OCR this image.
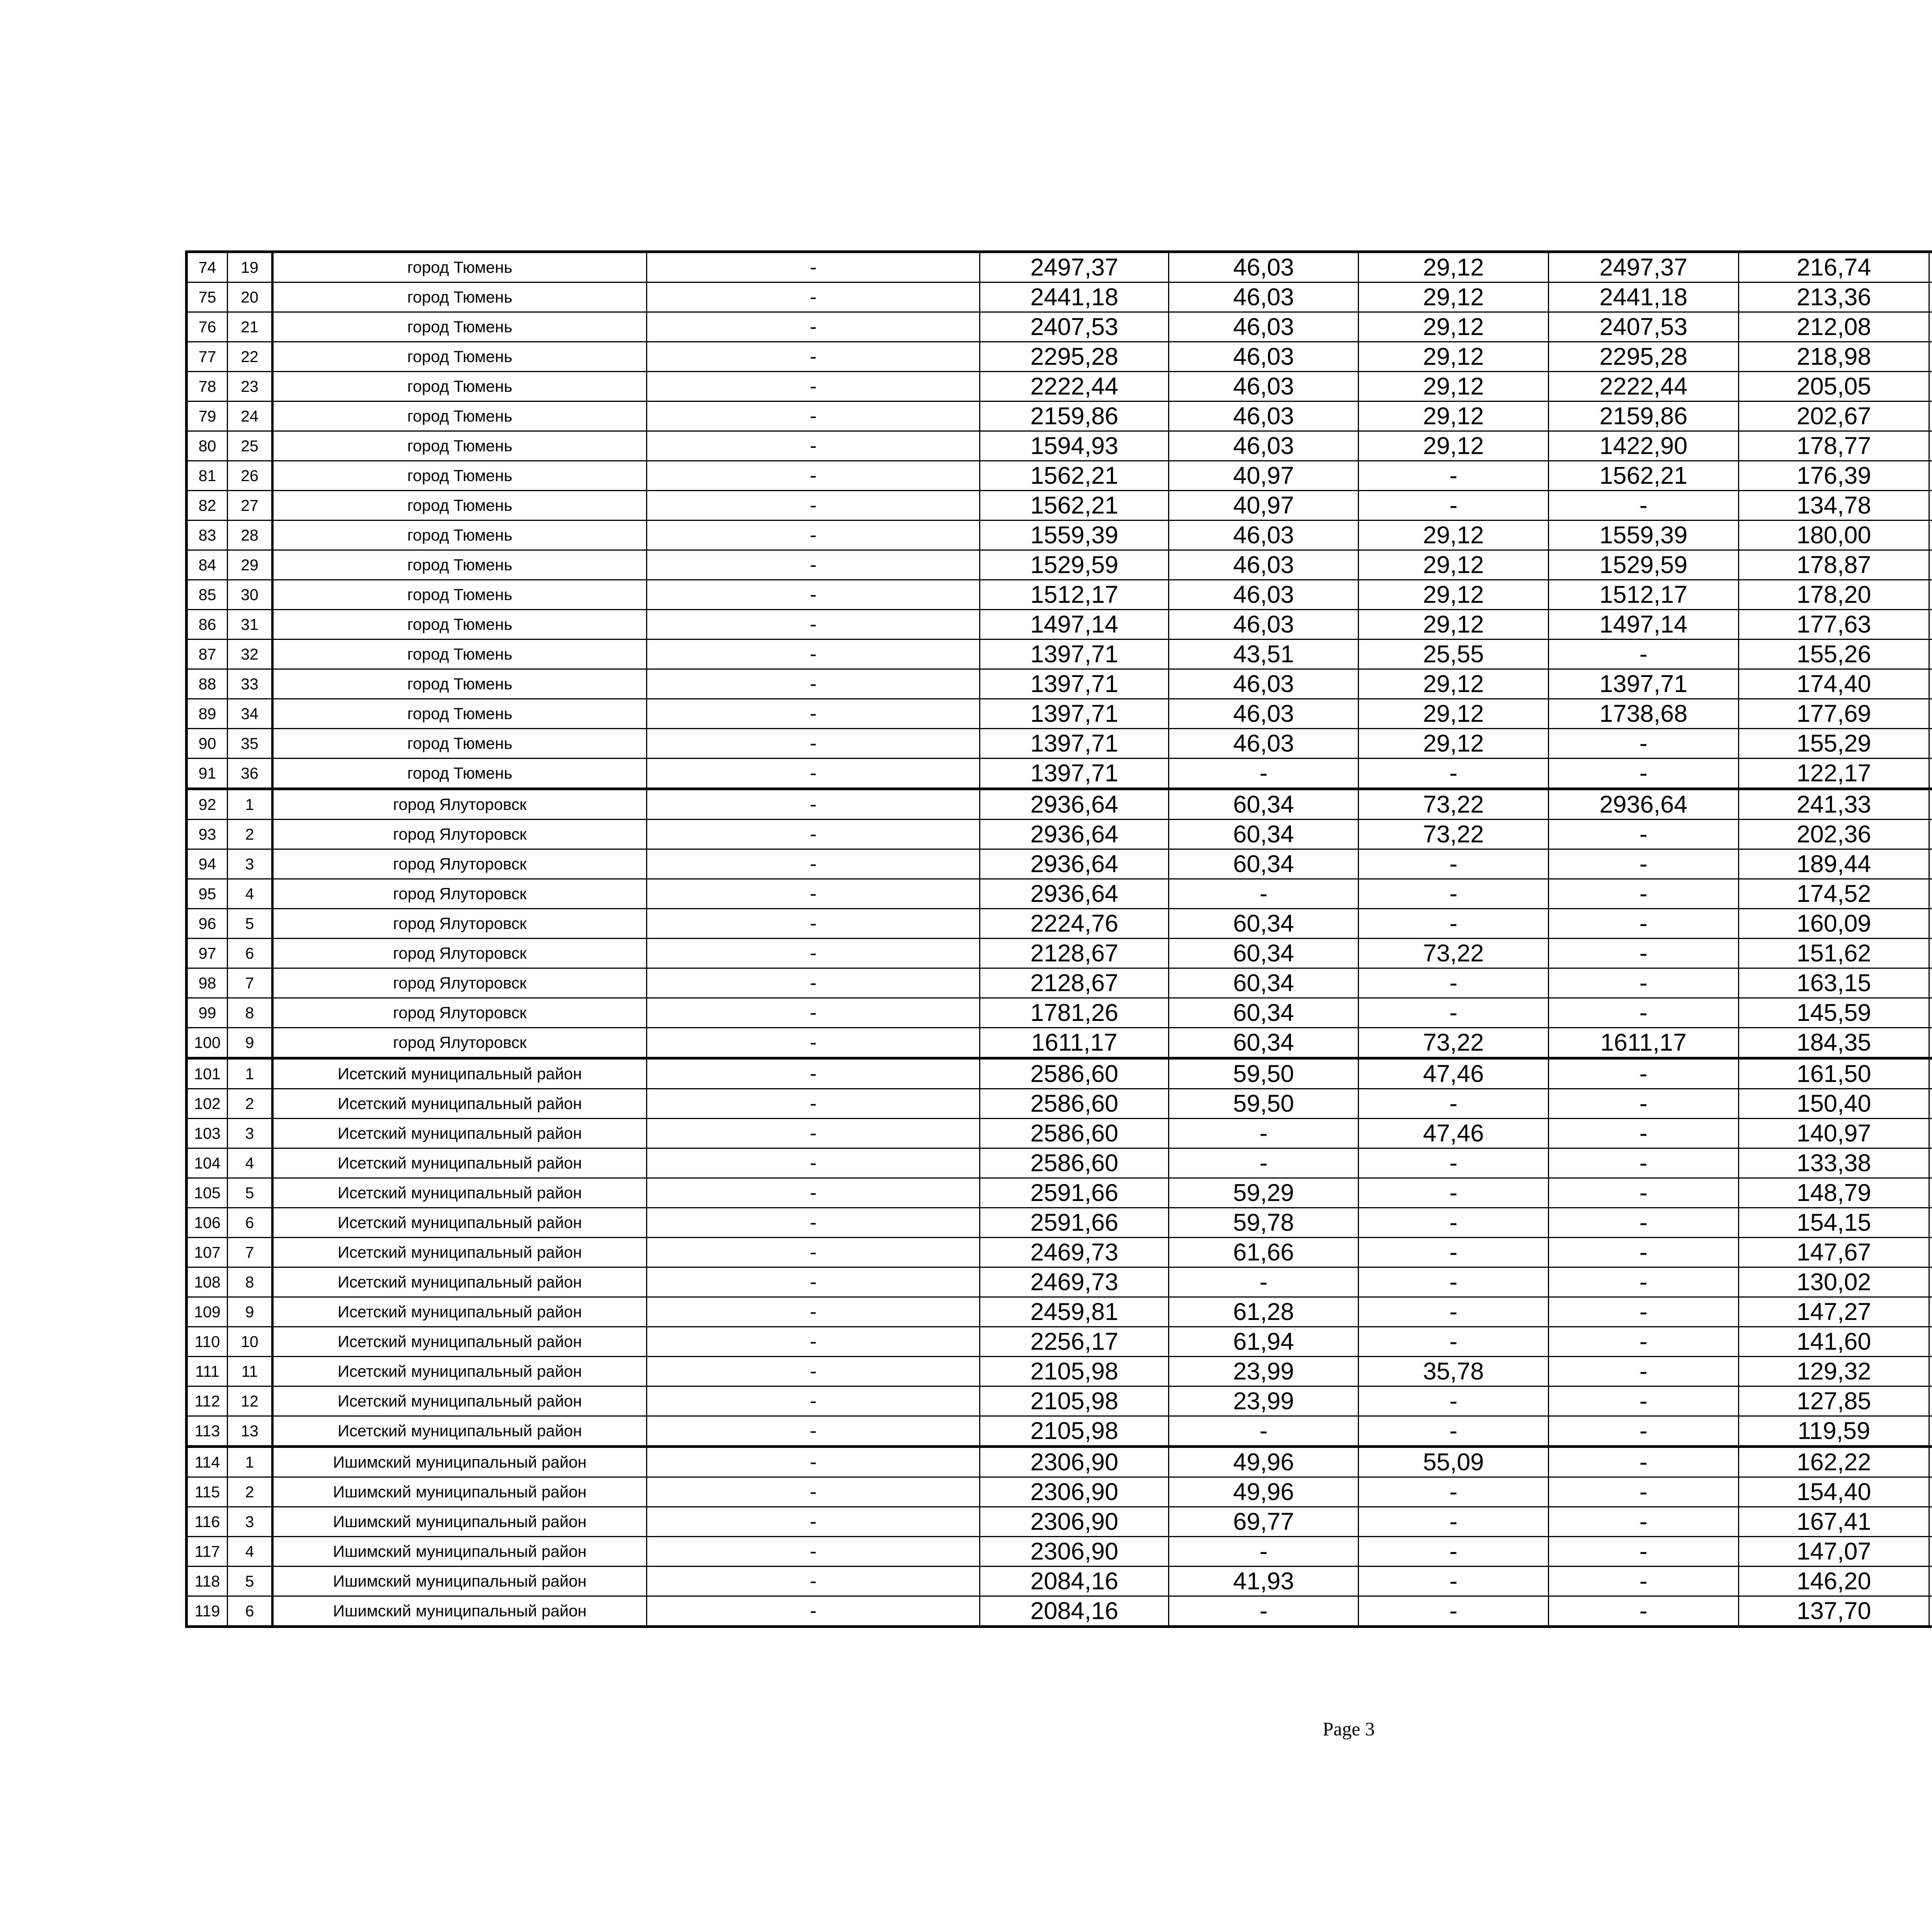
74	19	город Тюмень	-	2497,37	46,03	29,12	2497,37	216,74			
75	20	город Тюмень	-	2441,18	46,03	29,12	2441,18	213,36			
76	21	город Тюмень	-	2407,53	46,03	29,12	2407,53	212,08			
77	22	город Тюмень	-	2295,28	46,03	29,12	2295,28	218,98			
78	23	город Тюмень	-	2222,44	46,03	29,12	2222,44	205,05			
79	24	город Тюмень	-	2159,86	46,03	29,12	2159,86	202,67			
80	25	город Тюмень	-	1594,93	46,03	29,12	1422,90	178,77			
81	26	город Тюмень	-	1562,21	40,97	-	1562,21	176,39			
82	27	город Тюмень	-	1562,21	40,97	-	-	134,78			
83	28	город Тюмень	-	1559,39	46,03	29,12	1559,39	180,00			
84	29	город Тюмень	-	1529,59	46,03	29,12	1529,59	178,87			
85	30	город Тюмень	-	1512,17	46,03	29,12	1512,17	178,20			
86	31	город Тюмень	-	1497,14	46,03	29,12	1497,14	177,63			
87	32	город Тюмень	-	1397,71	43,51	25,55	-	155,26			
88	33	город Тюмень	-	1397,71	46,03	29,12	1397,71	174,40			
89	34	город Тюмень	-	1397,71	46,03	29,12	1738,68	177,69			
90	35	город Тюмень	-	1397,71	46,03	29,12	-	155,29			
91	36	город Тюмень	-	1397,71	-	-	-	122,17			
92	1	город Ялуторовск	-	2936,64	60,34	73,22	2936,64	241,33			
93	2	город Ялуторовск	-	2936,64	60,34	73,22	-	202,36			
94	3	город Ялуторовск	-	2936,64	60,34	-	-	189,44			
95	4	город Ялуторовск	-	2936,64	-	-	-	174,52			
96	5	город Ялуторовск	-	2224,76	60,34	-	-	160,09			
97	6	город Ялуторовск	-	2128,67	60,34	73,22	-	151,62			
98	7	город Ялуторовск	-	2128,67	60,34	-	-	163,15			
99	8	город Ялуторовск	-	1781,26	60,34	-	-	145,59			
100	9	город Ялуторовск	-	1611,17	60,34	73,22	1611,17	184,35			
101	1	Исетский муниципальный район	-	2586,60	59,50	47,46	-	161,50			
102	2	Исетский муниципальный район	-	2586,60	59,50	-	-	150,40			
103	3	Исетский муниципальный район	-	2586,60	-	47,46	-	140,97			
104	4	Исетский муниципальный район	-	2586,60	-	-	-	133,38			
105	5	Исетский муниципальный район	-	2591,66	59,29	-	-	148,79			
106	6	Исетский муниципальный район	-	2591,66	59,78	-	-	154,15			
107	7	Исетский муниципальный район	-	2469,73	61,66	-	-	147,67			
108	8	Исетский муниципальный район	-	2469,73	-	-	-	130,02			
109	9	Исетский муниципальный район	-	2459,81	61,28	-	-	147,27			
110	10	Исетский муниципальный район	-	2256,17	61,94	-	-	141,60			
111	11	Исетский муниципальный район	-	2105,98	23,99	35,78	-	129,32			
112	12	Исетский муниципальный район	-	2105,98	23,99	-	-	127,85			
113	13	Исетский муниципальный район	-	2105,98	-	-	-	119,59			
114	1	Ишимский муниципальный район	-	2306,90	49,96	55,09	-	162,22			
115	2	Ишимский муниципальный район	-	2306,90	49,96	-	-	154,40			
116	3	Ишимский муниципальный район	-	2306,90	69,77	-	-	167,41			
117	4	Ишимский муниципальный район	-	2306,90	-	-	-	147,07			
118	5	Ишимский муниципальный район	-	2084,16	41,93	-	-	146,20			
119	6	Ишимский муниципальный район	-	2084,16	-	-	-	137,70			
Page 3
